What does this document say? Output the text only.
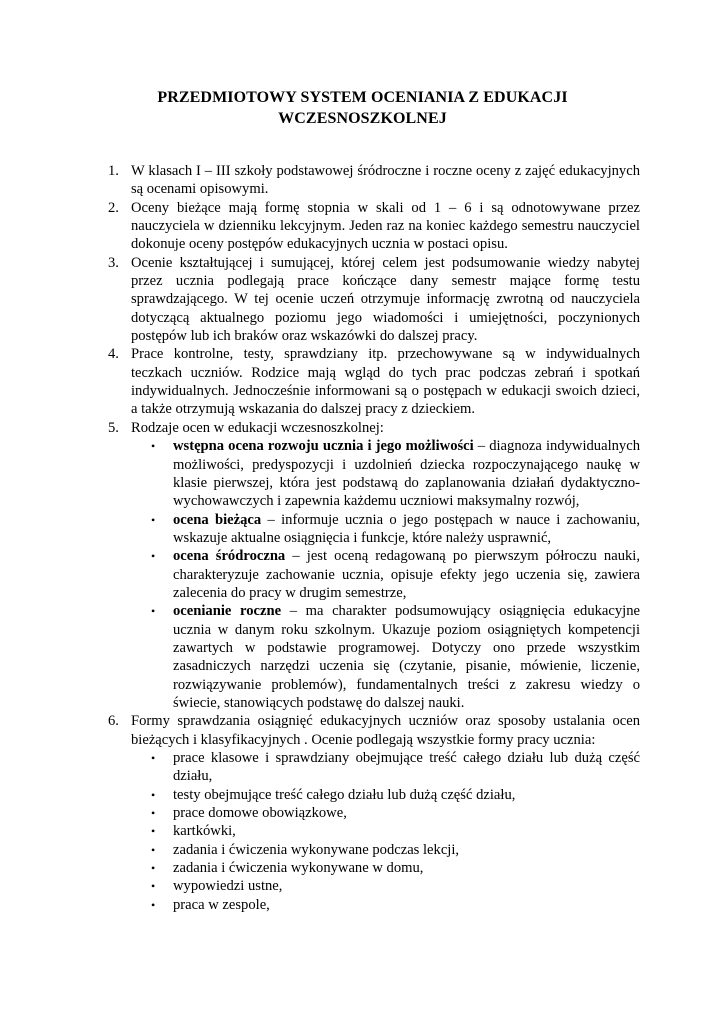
PRZEDMIOTOWY SYSTEM OCENIANIA Z EDUKACJI
WCZESNOSZKOLNEJ
1. W klasach I – III szkoły podstawowej śródroczne i roczne oceny z zajęć edukacyjnych są ocenami opisowymi.
2. Oceny bieżące mają formę stopnia w skali od 1 – 6 i są odnotowywane przez nauczyciela w dzienniku lekcyjnym. Jeden raz na koniec każdego semestru nauczyciel dokonuje oceny postępów edukacyjnych ucznia w postaci opisu.
3. Ocenie kształtującej i sumującej, której celem jest podsumowanie wiedzy nabytej przez ucznia podlegają prace kończące dany semestr mające formę testu sprawdzającego. W tej ocenie uczeń otrzymuje informację zwrotną od nauczyciela dotyczącą aktualnego poziomu jego wiadomości i umiejętności, poczynionych postępów lub ich braków oraz wskazówki do dalszej pracy.
4. Prace kontrolne, testy, sprawdziany itp. przechowywane są w indywidualnych teczkach uczniów. Rodzice mają wgląd do tych prac podczas zebrań i spotkań indywidualnych. Jednocześnie informowani są o postępach w edukacji swoich dzieci, a także otrzymują wskazania do dalszej pracy z dzieckiem.
5. Rodzaje ocen w edukacji wczesnoszkolnej:
• wstępna ocena rozwoju ucznia i jego możliwości – diagnoza indywidualnych możliwości, predyspozycji i uzdolnień dziecka rozpoczynającego naukę w klasie pierwszej, która jest podstawą do zaplanowania działań dydaktyczno-wychowawczych i zapewnia każdemu uczniowi maksymalny rozwój,
• ocena bieżąca – informuje ucznia o jego postępach w nauce i zachowaniu, wskazuje aktualne osiągnięcia i funkcje, które należy usprawnić,
• ocena śródroczna – jest oceną redagowaną po pierwszym półroczu nauki, charakteryzuje zachowanie ucznia, opisuje efekty jego uczenia się, zawiera zalecenia do pracy w drugim semestrze,
• ocenianie roczne – ma charakter podsumowujący osiągnięcia edukacyjne ucznia w danym roku szkolnym. Ukazuje poziom osiągniętych kompetencji zawartych w podstawie programowej. Dotyczy ono przede wszystkim zasadniczych narzędzi uczenia się (czytanie, pisanie, mówienie, liczenie, rozwiązywanie problemów), fundamentalnych treści z zakresu wiedzy o świecie, stanowiących podstawę do dalszej nauki.
6. Formy sprawdzania osiągnięć edukacyjnych uczniów oraz sposoby ustalania ocen bieżących i klasyfikacyjnych . Ocenie podlegają wszystkie formy pracy ucznia:
• prace klasowe i sprawdziany obejmujące treść całego działu lub dużą część działu,
• testy obejmujące treść całego działu lub dużą część działu,
• prace domowe obowiązkowe,
• kartkówki,
• zadania i ćwiczenia wykonywane podczas lekcji,
• zadania i ćwiczenia wykonywane w domu,
• wypowiedzi ustne,
• praca w zespole,
